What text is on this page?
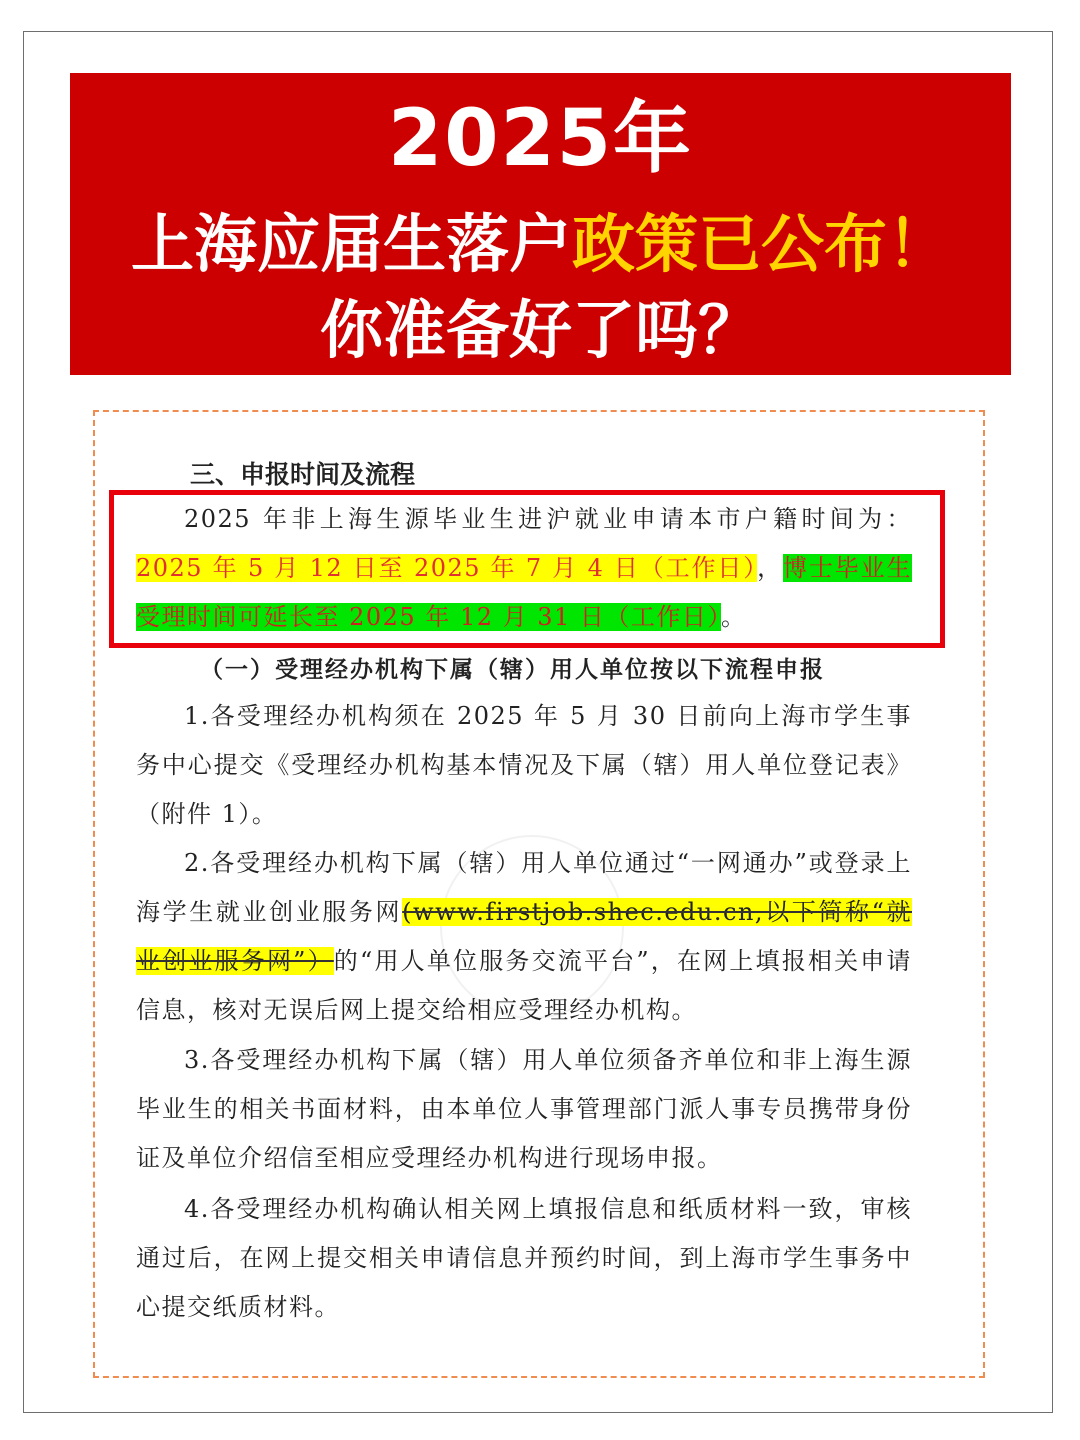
2025年
上海应届生落户政策已公布！
你准备好了吗？
三、申报时间及流程
2025 年非上海生源毕业生进沪就业申请本市户籍时间为：2025 年 5 月 12 日至 2025 年 7 月 4 日（工作日），博士毕业生受理时间可延长至 2025 年 12 月 31 日（工作日）。
（一）受理经办机构下属（辖）用人单位按以下流程申报
1.各受理经办机构须在 2025 年 5 月 30 日前向上海市学生事务中心提交《受理经办机构基本情况及下属（辖）用人单位登记表》（附件 1）。
2.各受理经办机构下属（辖）用人单位通过“一网通办”或登录上海学生就业创业服务网(www.firstjob.shec.edu.cn,以下简称“就业创业服务网”）的“用人单位服务交流平台”，在网上填报相关申请信息，核对无误后网上提交给相应受理经办机构。
3.各受理经办机构下属（辖）用人单位须备齐单位和非上海生源毕业生的相关书面材料，由本单位人事管理部门派人事专员携带身份证及单位介绍信至相应受理经办机构进行现场申报。
4.各受理经办机构确认相关网上填报信息和纸质材料一致，审核通过后，在网上提交相关申请信息并预约时间，到上海市学生事务中心提交纸质材料。
